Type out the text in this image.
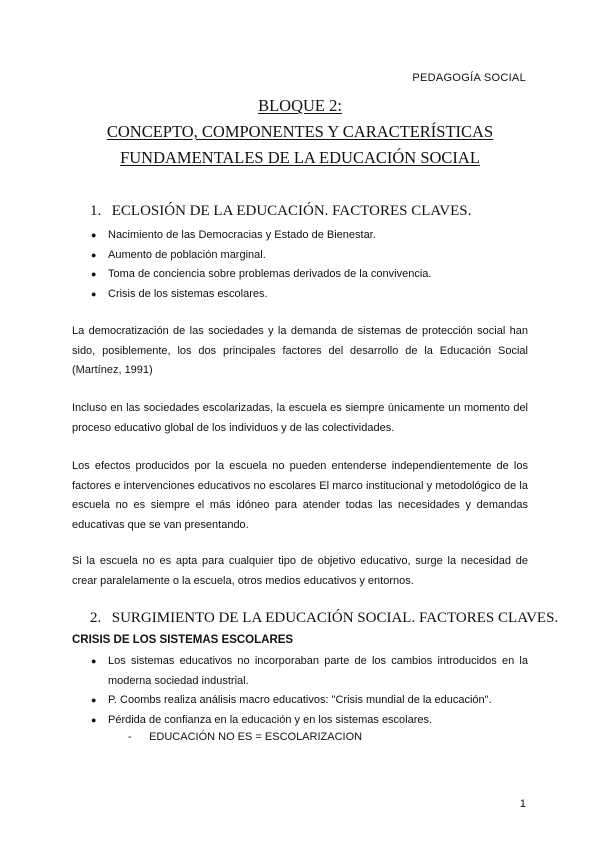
PEDAGOGÍA SOCIAL
BLOQUE 2:
CONCEPTO, COMPONENTES Y CARACTERÍSTICAS
FUNDAMENTALES DE LA EDUCACIÓN SOCIAL
1. ECLOSIÓN DE LA EDUCACIÓN. FACTORES CLAVES.
● Nacimiento de las Democracias y Estado de Bienestar.
● Aumento de población marginal.
● Toma de conciencia sobre problemas derivados de la convivencia.
● Crisis de los sistemas escolares.

La democratización de las sociedades y la demanda de sistemas de protección social han sido, posiblemente, los dos principales factores del desarrollo de la Educación Social (Martínez, 1991)

Incluso en las sociedades escolarizadas, la escuela es siempre únicamente un momento del proceso educativo global de los individuos y de las colectividades.

Los efectos producidos por la escuela no pueden entenderse independientemente de los factores e intervenciones educativos no escolares El marco institucional y metodológico de la escuela no es siempre el más idóneo para atender todas las necesidades y demandas educativas que se van presentando.

Si la escuela no es apta para cualquier tipo de objetivo educativo, surge la necesidad de crear paralelamente o la escuela, otros medios educativos y entornos.

2. SURGIMIENTO DE LA EDUCACIÓN SOCIAL. FACTORES CLAVES.
CRISIS DE LOS SISTEMAS ESCOLARES
● Los sistemas educativos no incorporaban parte de los cambios introducidos en la moderna sociedad industrial.
● P. Coombs realiza análisis macro educativos: "Crisis mundial de la educación".
● Pérdida de confianza en la educación y en los sistemas escolares.
- EDUCACIÓN NO ES = ESCOLARIZACION
1
